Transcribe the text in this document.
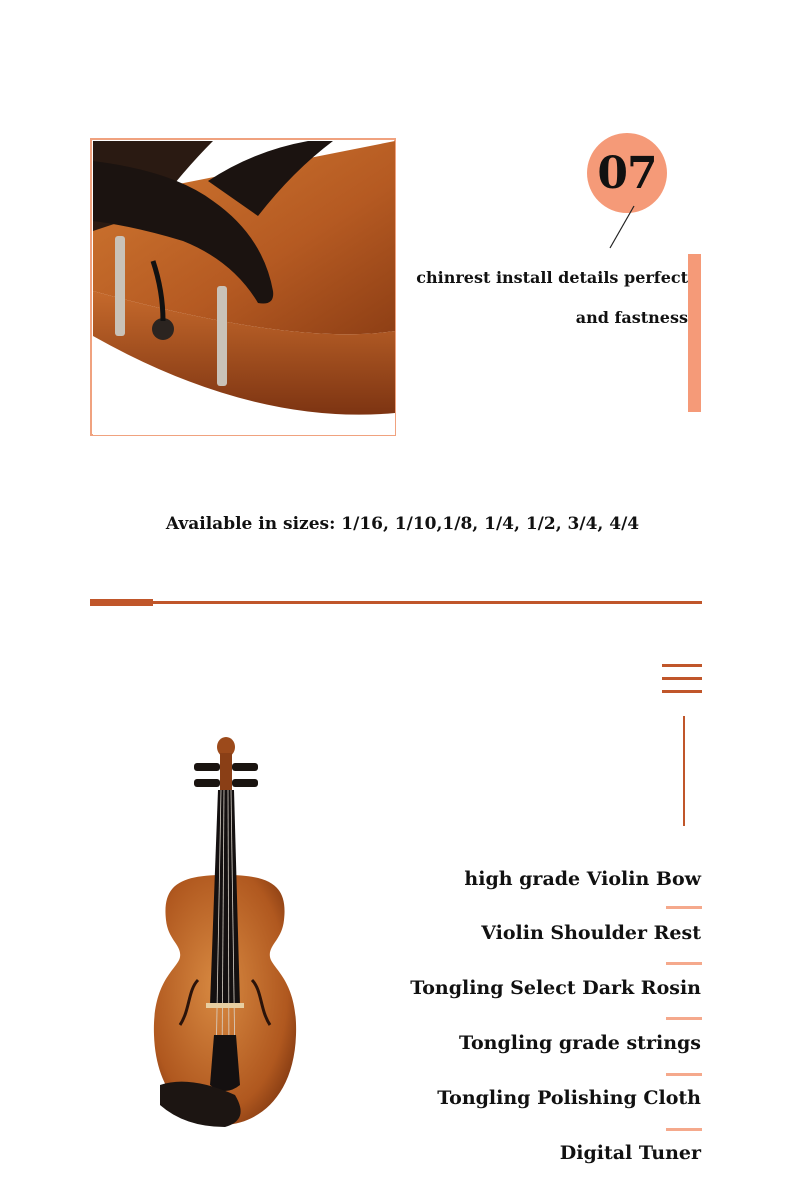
07
chinrest install details perfect
and fastness
Available in sizes: 1/16, 1/10,1/8, 1/4, 1/2, 3/4, 4/4
high grade Violin Bow
Violin Shoulder Rest
Tongling Select Dark Rosin
Tongling grade strings
Tongling Polishing Cloth
Digital Tuner
